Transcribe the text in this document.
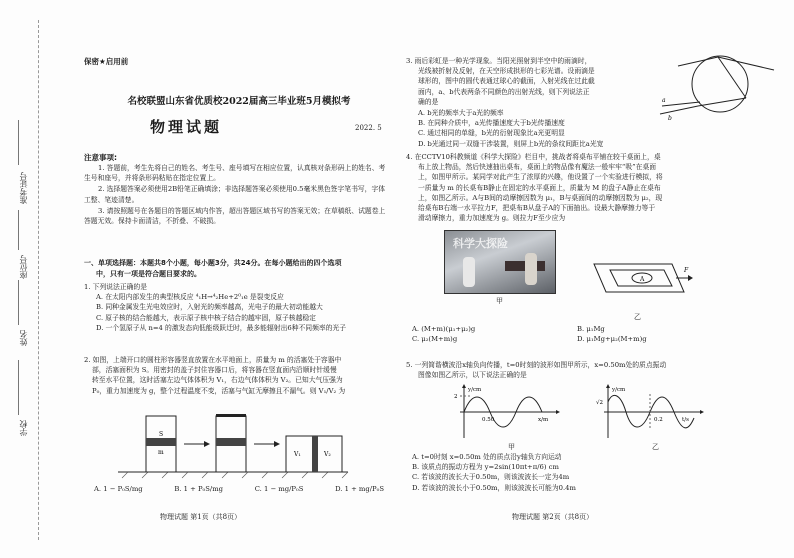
准考证号
座位号
姓名
学校
保密★启用前
名校联盟山东省优质校2022届高三毕业班5月模拟考
物理试题	2022. 5
注意事项:

1. 答题前，考生先将自己的姓名、考生号、座号填写在相应位置，认真核对条形码上的姓名、考生号和座号，并将条形码粘贴在指定位置上。

2. 选择题答案必须使用2B铅笔正确填涂；非选择题答案必须使用0.5毫米黑色签字笔书写，字体工整、笔迹清楚。

3. 请按照题号在各题目的答题区域内作答，超出答题区域书写的答案无效；在草稿纸、试题卷上答题无效。保持卡面清洁，不折叠、不破损。

一、单项选择题：本题共8个小题，每小题3分，共24分。在每小题给出的四个选项
中，只有一项是符合题目要求的。
1. 下列说法正确的是
A. 在太阳内部发生的典型核反应 ⁴₁H→⁴₂He+2⁰₁e 是裂变反应
B. 同种金属发生光电效应时，入射光的频率越高，光电子的最大初动能越大
C. 原子核的结合能越大，表示原子核中核子结合的越牢固，原子核越稳定
D. 一个氢原子从 n=4 的激发态向低能级跃迁时，最多能辐射出6种不同频率的光子
2. 如图，上端开口的圆柱形容器竖直放置在水平地面上，质量为 m 的活塞处于容器中
部，活塞面积为 S。用密封的盖子封住容器口后，将容器在竖直面内沿顺时针缓慢
转至水平位置，这时活塞左边气体体积为 V₁，右边气体体积为 V₂。已知大气压强为
P₀，重力加速度为 g，整个过程温度不变，活塞与气缸无摩擦且不漏气。则 V₁/V₂ 为
S
m	V₁	V₂
A. 1 − P₀S/mg	B. 1 + P₀S/mg	C. 1 − mg/P₀S	D. 1 + mg/P₀S
物理试题 第1页（共8页）
3. 雨后彩虹是一种光学现象。当阳光照射到半空中的雨滴时，
光线被折射及反射，在天空形成拱形的七彩光谱。设雨滴是
球形的，图中的圆代表通过球心的截面，入射光线在过此截
面内，a、b代表两条不同颜色的出射光线，则下列说法正
确的是
A. b光的频率大于a光的频率
B. 在同种介质中，a光传播速度大于b光传播速度
C. 通过相同的单缝，b光的衍射现象比a光更明显
D. b光通过同一双缝干涉装置，则屏上b光的条纹间距比a光宽
a
b
4. 在CCTV10科教频道《科学大探险》栏目中，挑战者将桌布平铺在较干桌面上，桌
布上放上物品，然后快速抽出桌布，桌面上的物品像有魔法一般牢牢“吸”在桌面
上，如图甲所示。某同学对此产生了浓厚的兴趣，他设置了一个实验进行模拟，将
一质量为 m 的长桌布B静止在固定的水平桌面上，质量为 M 的盘子A静止在桌布
上，如图乙所示。A与B间的动摩擦因数为 μ₁，B与桌面间的动摩擦因数为 μ₂，现
给桌布B右端一水平拉力F，把桌布B从盘子A的下面抽出。设最大静摩擦力等于
滑动摩擦力，重力加速度为 g。则拉力F至少应为
科学大探险
甲
A
F
乙
A. (M+m)(μ₁+μ₂)g	B. μ₁Mg
C. μ₂(M+m)g	D. μ₁Mg+μ₂(M+m)g
5. 一列简谐横波沿x轴负向传播，t=0时刻的波形如图甲所示，x=0.50m处的质点振动
图像如图乙所示，以下说法正确的是
y/cm
2
x/m
0.50
甲
y/cm
√2
t/s
0.2
乙
A. t=0时刻 x=0.50m 处的质点沿y轴负方向运动
B. 该质点的振动方程为 y=2sin(10πt+π/6) cm
C. 若该波的波长大于0.50m，则该波波长一定为4m
D. 若该波的波长小于0.50m，则该波波长可能为0.4m
物理试题 第2页（共8页）
